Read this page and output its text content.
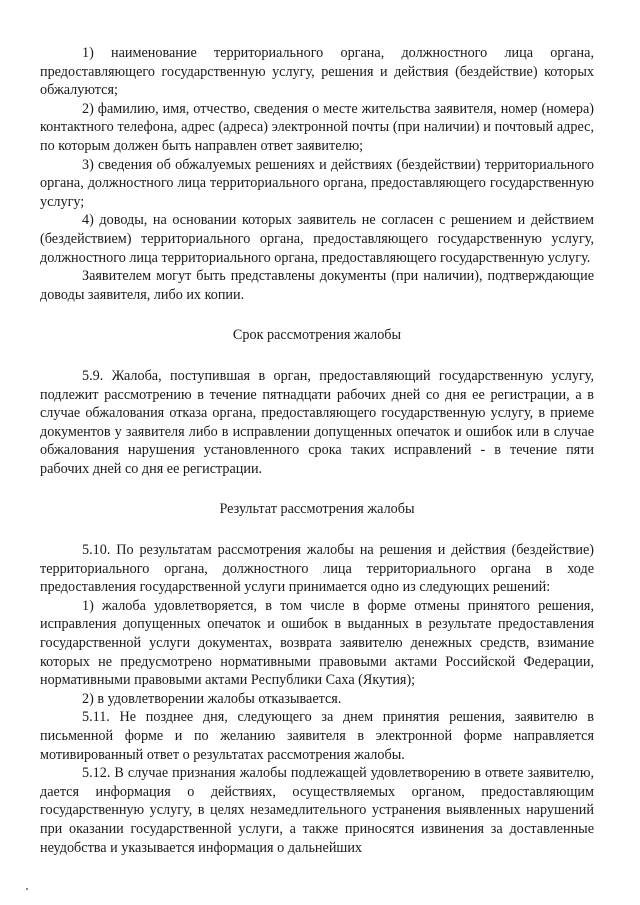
1) наименование территориального органа, должностного лица органа, предоставляющего государственную услугу, решения и действия (бездействие) которых обжалуются;

2) фамилию, имя, отчество, сведения о месте жительства заявителя, номер (номера) контактного телефона, адрес (адреса) электронной почты (при наличии) и почтовый адрес, по которым должен быть направлен ответ заявителю;

3) сведения об обжалуемых решениях и действиях (бездействии) территориального органа, должностного лица территориального органа, предоставляющего государственную услугу;

4) доводы, на основании которых заявитель не согласен с решением и действием (бездействием) территориального органа, предоставляющего государственную услугу, должностного лица территориального органа, предоставляющего государственную услугу.

Заявителем могут быть представлены документы (при наличии), подтверждающие доводы заявителя, либо их копии.

Срок рассмотрения жалобы

5.9. Жалоба, поступившая в орган, предоставляющий государственную услугу, подлежит рассмотрению в течение пятнадцати рабочих дней со дня ее регистрации, а в случае обжалования отказа органа, предоставляющего государственную услугу, в приеме документов у заявителя либо в исправлении допущенных опечаток и ошибок или в случае обжалования нарушения установленного срока таких исправлений - в течение пяти рабочих дней со дня ее регистрации.

Результат рассмотрения жалобы

5.10. По результатам рассмотрения жалобы на решения и действия (бездействие) территориального органа, должностного лица территориального органа в ходе предоставления государственной услуги принимается одно из следующих решений:

1) жалоба удовлетворяется, в том числе в форме отмены принятого решения, исправления допущенных опечаток и ошибок в выданных в результате предоставления государственной услуги документах, возврата заявителю денежных средств, взимание которых не предусмотрено нормативными правовыми актами Российской Федерации, нормативными правовыми актами Республики Саха (Якутия);

2) в удовлетворении жалобы отказывается.

5.11. Не позднее дня, следующего за днем принятия решения, заявителю в письменной форме и по желанию заявителя в электронной форме направляется мотивированный ответ о результатах рассмотрения жалобы.

5.12. В случае признания жалобы подлежащей удовлетворению в ответе заявителю, дается информация о действиях, осуществляемых органом, предоставляющим государственную услугу, в целях незамедлительного устранения выявленных нарушений при оказании государственной услуги, а также приносятся извинения за доставленные неудобства и указывается информация о дальнейших
